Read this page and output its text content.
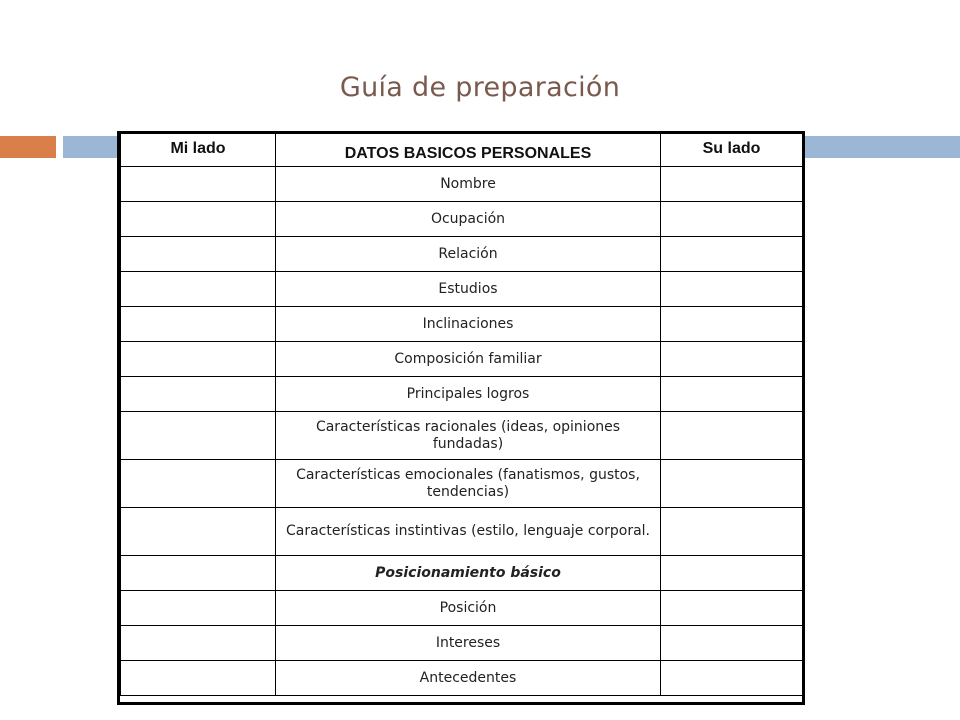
Guía de preparación
Mi lado	DATOS BASICOS PERSONALES	Su lado
	Nombre	
	Ocupación	
	Relación	
	Estudios	
	Inclinaciones	
	Composición familiar	
	Principales logros	
	Características racionales (ideas, opiniones fundadas)	
	Características emocionales (fanatismos, gustos, tendencias)	
	Características instintivas (estilo, lenguaje corporal.	
	Posicionamiento básico	
	Posición	
	Intereses	
	Antecedentes	
